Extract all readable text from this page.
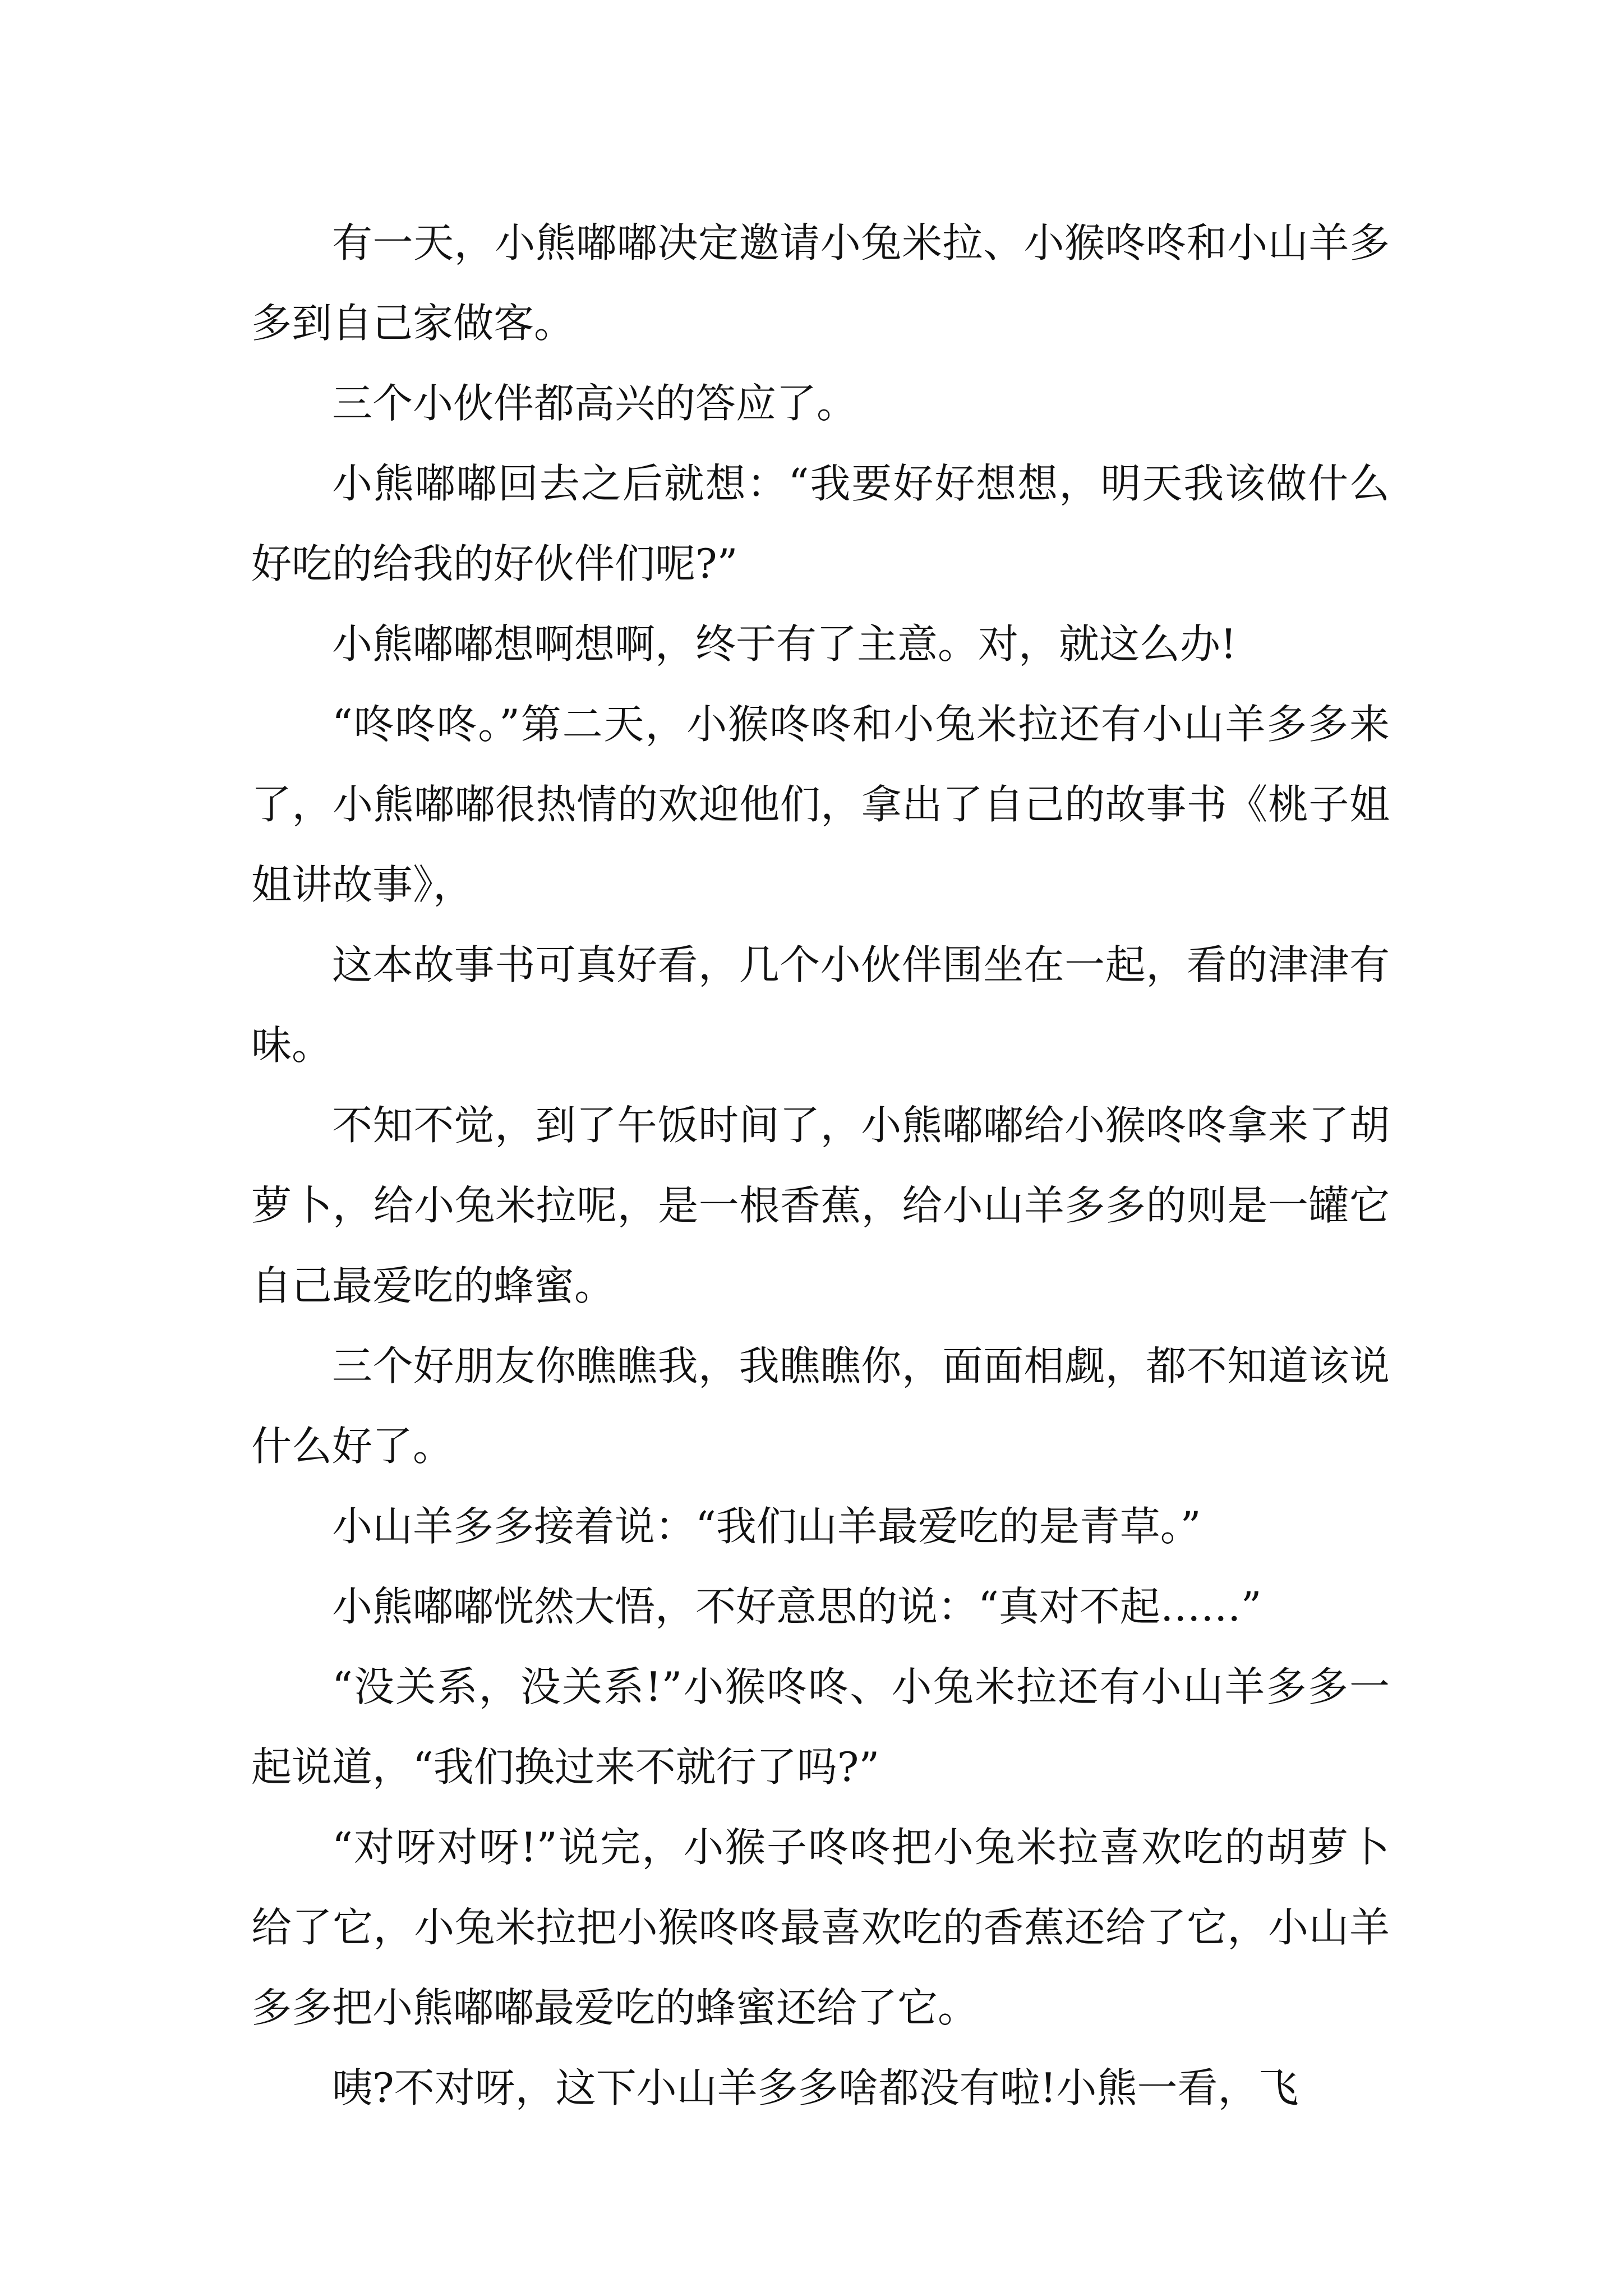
有一天，小熊嘟嘟决定邀请小兔米拉、小猴咚咚和小山羊多多到自己家做客。

三个小伙伴都高兴的答应了。

小熊嘟嘟回去之后就想：“我要好好想想，明天我该做什么好吃的给我的好伙伴们呢?”

小熊嘟嘟想啊想啊，终于有了主意。对，就这么办!

“咚咚咚。”第二天，小猴咚咚和小兔米拉还有小山羊多多来了，小熊嘟嘟很热情的欢迎他们，拿出了自己的故事书《桃子姐姐讲故事》，

这本故事书可真好看，几个小伙伴围坐在一起，看的津津有味。

不知不觉，到了午饭时间了，小熊嘟嘟给小猴咚咚拿来了胡萝卜，给小兔米拉呢，是一根香蕉，给小山羊多多的则是一罐它自己最爱吃的蜂蜜。

三个好朋友你瞧瞧我，我瞧瞧你，面面相觑，都不知道该说什么好了。

小山羊多多接着说：“我们山羊最爱吃的是青草。”

小熊嘟嘟恍然大悟，不好意思的说：“真对不起……”

“没关系，没关系!”小猴咚咚、小兔米拉还有小山羊多多一起说道，“我们换过来不就行了吗?”

“对呀对呀!”说完，小猴子咚咚把小兔米拉喜欢吃的胡萝卜给了它，小兔米拉把小猴咚咚最喜欢吃的香蕉还给了它，小山羊多多把小熊嘟嘟最爱吃的蜂蜜还给了它。

咦?不对呀，这下小山羊多多啥都没有啦!小熊一看，飞
